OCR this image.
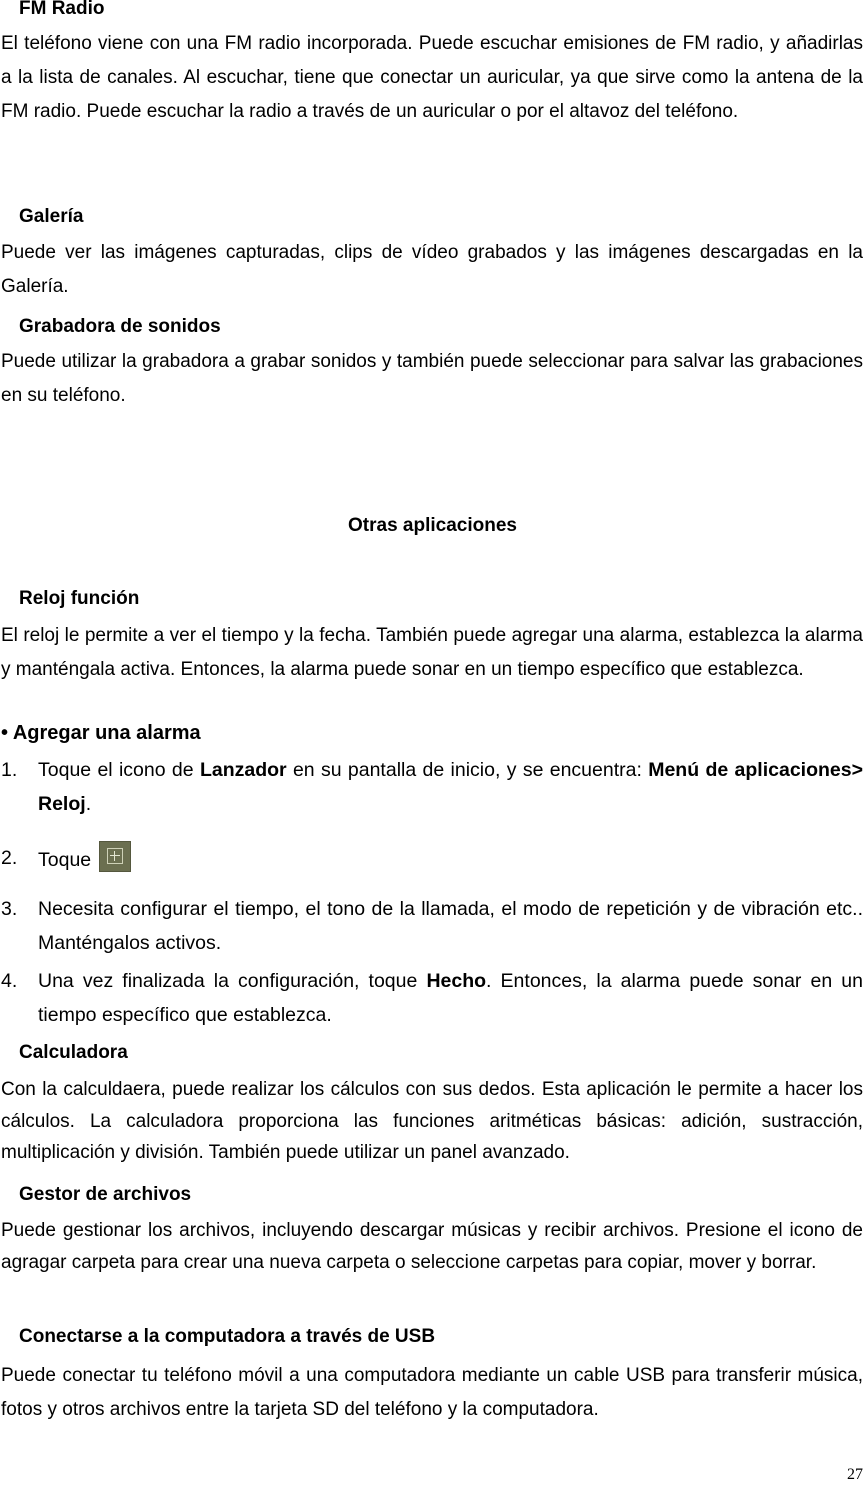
FM Radio

El teléfono viene con una FM radio incorporada. Puede escuchar emisiones de FM radio, y añadirlas a la lista de canales. Al escuchar, tiene que conectar un auricular, ya que sirve como la antena de la FM radio. Puede escuchar la radio a través de un auricular o por el altavoz del teléfono.

Galería

Puede ver las imágenes capturadas, clips de vídeo grabados y las imágenes descargadas en la Galería.

Grabadora de sonidos

Puede utilizar la grabadora a grabar sonidos y también puede seleccionar para salvar las grabaciones en su teléfono.

Otras aplicaciones
Reloj función

El reloj le permite a ver el tiempo y la fecha. También puede agregar una alarma, establezca la alarma y manténgala activa. Entonces, la alarma puede sonar en un tiempo específico que establezca.

• Agregar una alarma

1.	Toque el icono de Lanzador en su pantalla de inicio, y se encuentra: Menú de aplicaciones> Reloj.
2.	Toque
3.	Necesita configurar el tiempo, el tono de la llamada, el modo de repetición y de vibración etc.. Manténgalos activos.
4.	Una vez finalizada la configuración, toque Hecho. Entonces, la alarma puede sonar en un tiempo específico que establezca.
Calculadora

Con la calculdaera, puede realizar los cálculos con sus dedos. Esta aplicación le permite a hacer los cálculos. La calculadora proporciona las funciones aritméticas básicas: adición, sustracción, multiplicación y división. También puede utilizar un panel avanzado.

Gestor de archivos

Puede gestionar los archivos, incluyendo descargar músicas y recibir archivos. Presione el icono de agragar carpeta para crear una nueva carpeta o seleccione carpetas para copiar, mover y borrar.

Conectarse a la computadora a través de USB

Puede conectar tu teléfono móvil a una computadora mediante un cable USB para transferir música, fotos y otros archivos entre la tarjeta SD del teléfono y la computadora.

27
